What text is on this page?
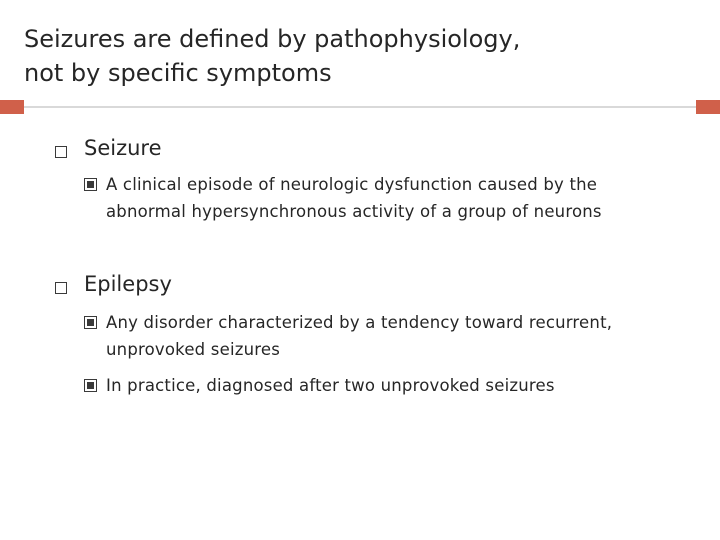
Seizures are defined by pathophysiology,
not by specific symptoms
Seizure
A clinical episode of neurologic dysfunction caused by the
abnormal hypersynchronous activity of a group of neurons
Epilepsy
Any disorder characterized by a tendency toward recurrent,
unprovoked seizures
In practice, diagnosed after two unprovoked seizures
